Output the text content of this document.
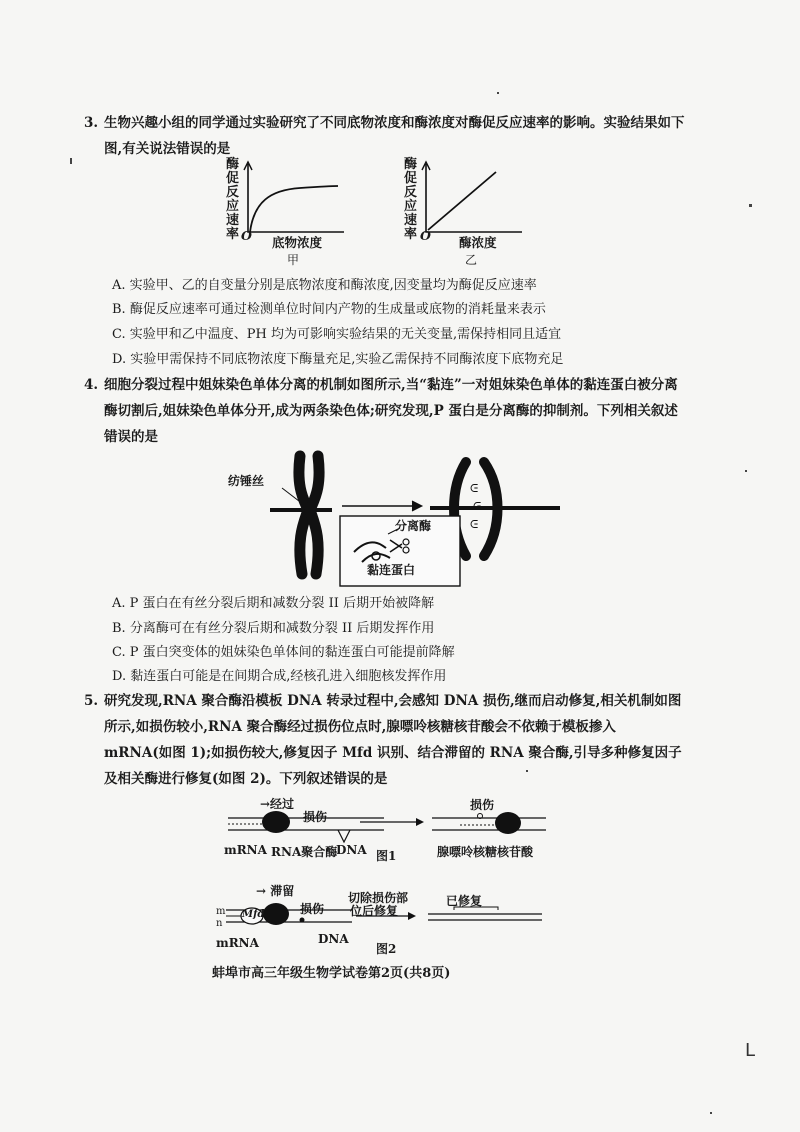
3. 生物兴趣小组的同学通过实验研究了不同底物浓度和酶浓度对酶促反应速率的影响。实验结果如下图,有关说法错误的是
酶促反应速率 O 底物浓度
甲
酶促反应速率 O 酶浓度
乙
A. 实验甲、乙的自变量分别是底物浓度和酶浓度,因变量均为酶促反应速率
B. 酶促反应速率可通过检测单位时间内产物的生成量或底物的消耗量来表示
C. 实验甲和乙中温度、PH 均为可影响实验结果的无关变量,需保持相同且适宜
D. 实验甲需保持不同底物浓度下酶量充足,实验乙需保持不同酶浓度下底物充足
4. 细胞分裂过程中姐妹染色单体分离的机制如图所示,当“黏连”一对姐妹染色单体的黏连蛋白被分离酶切割后,姐妹染色单体分开,成为两条染色体;研究发现,P 蛋白是分离酶的抑制剂。下列相关叙述错误的是
纺锤丝
ᕮ
ᕮ
ᕮ
分离酶
黏连蛋白
A. P 蛋白在有丝分裂后期和减数分裂 II 后期开始被降解
B. 分离酶可在有丝分裂后期和减数分裂 II 后期发挥作用
C. P 蛋白突变体的姐妹染色单体间的黏连蛋白可能提前降解
D. 黏连蛋白可能是在间期合成,经核孔进入细胞核发挥作用
5. 研究发现,RNA 聚合酶沿模板 DNA 转录过程中,会感知 DNA 损伤,继而启动修复,相关机制如图所示,如损伤较小,RNA 聚合酶经过损伤位点时,腺嘌呤核糖核苷酸会不依赖于模板掺入 mRNA(如图 1);如损伤较大,修复因子 Mfd 识别、结合滞留的 RNA 聚合酶,引导多种修复因子及相关酶进行修复(如图 2)。下列叙述错误的是
→经过
损伤
mRNA RNA聚合酶
DNA
损伤
图1	腺嘌呤核糖核苷酸
→ 滞留
损伤
m
n
Mfd
mRNA	DNA
切除损伤部
位后修复
已修复
图2
蚌埠市高三年级生物学试卷第2页(共8页)
L
